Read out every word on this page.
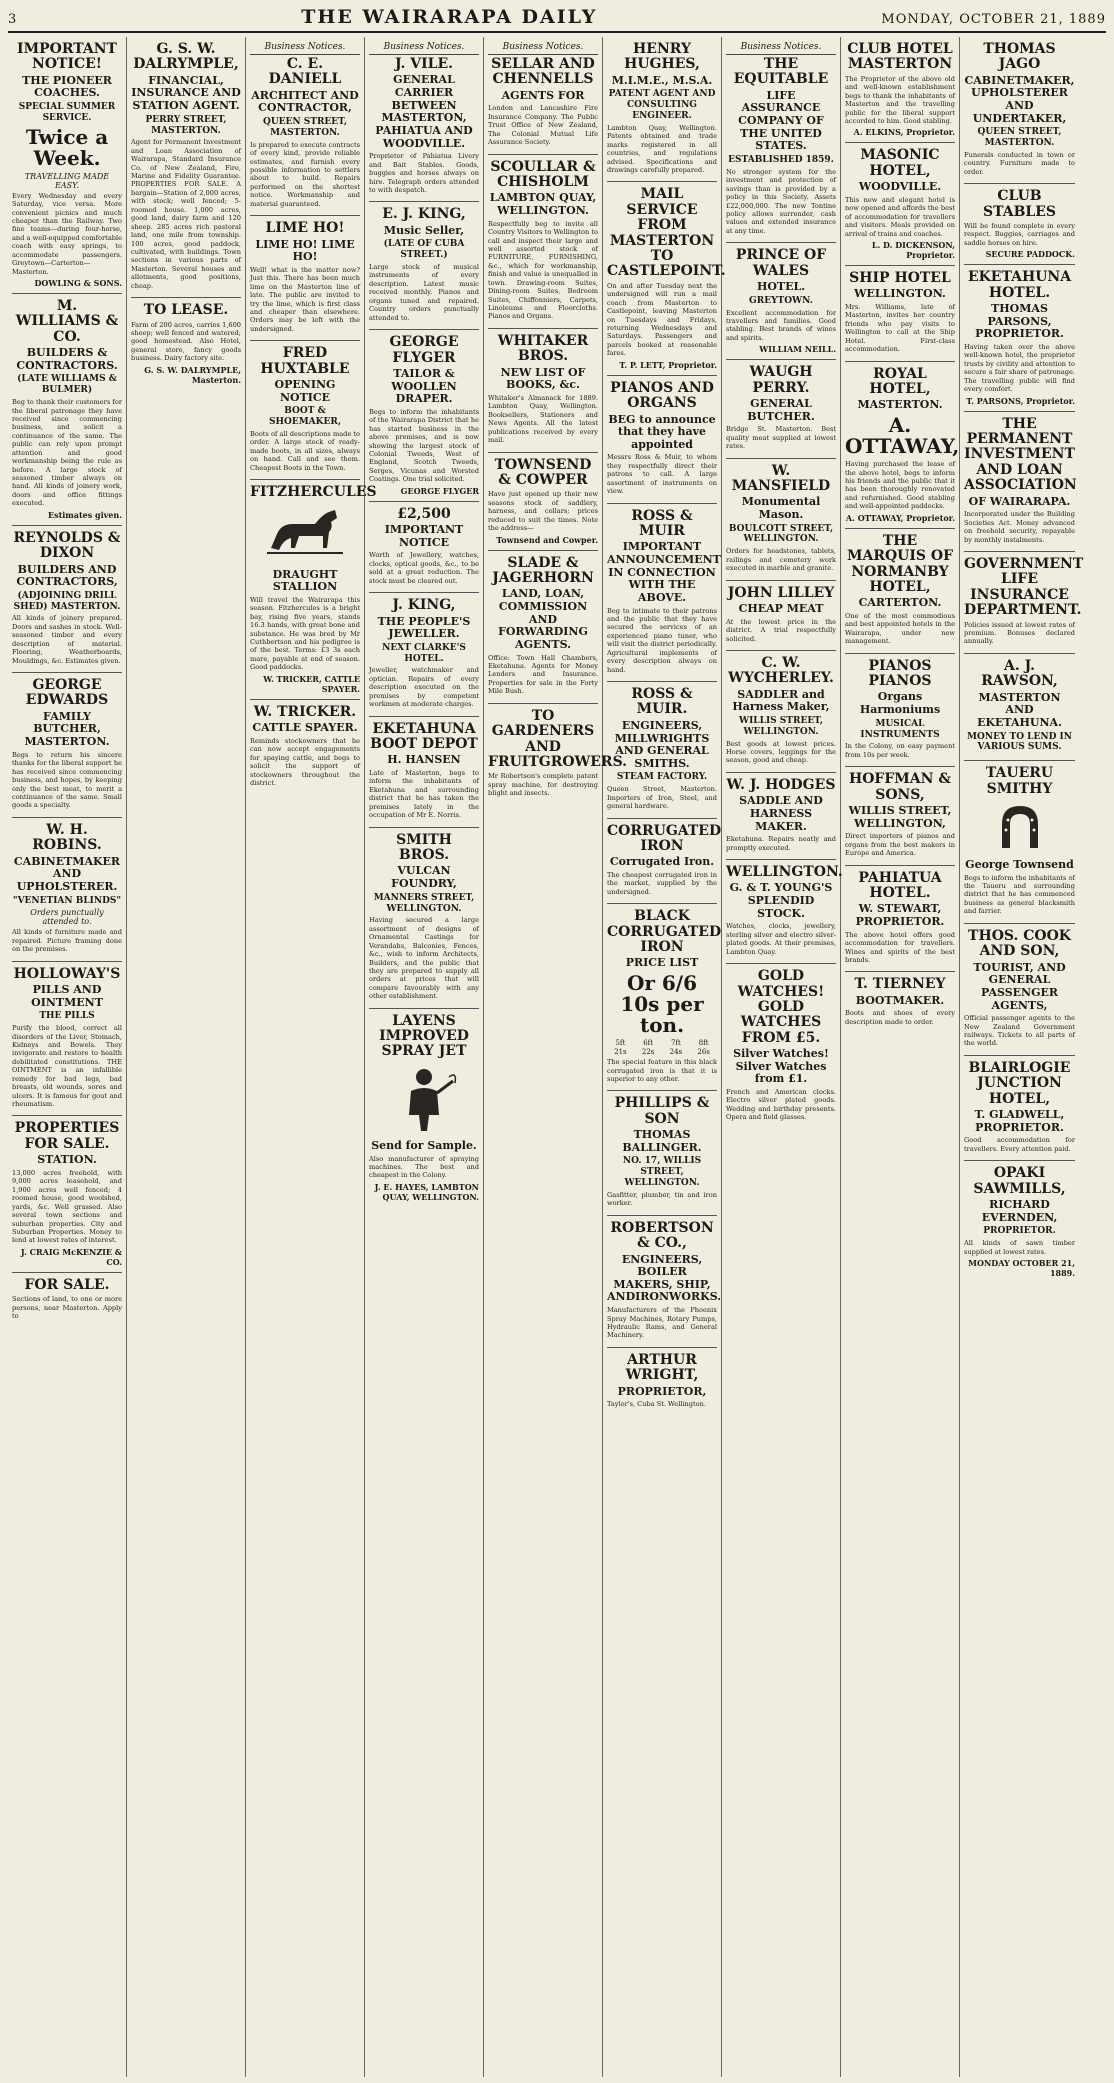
3	THE WAIRARAPA DAILY	MONDAY, OCTOBER 21, 1889
IMPORTANT NOTICE!
THE PIONEER COACHES.
SPECIAL SUMMER SERVICE.
Twice a Week.
TRAVELLING MADE EASY.
Every Wednesday and every Saturday, vice versa. More convenient picnics and much cheaper than the Railway. Two fine teams—during four-horse, and a well-equipped comfortable coach with easy springs, to accommodate passengers. Greytown—Carterton—Masterton.
DOWLING & SONS.
M. WILLIAMS & CO.
BUILDERS & CONTRACTORS.
(LATE WILLIAMS & BULMER)
Beg to thank their customers for the liberal patronage they have received since commencing business, and solicit a continuance of the same. The public can rely upon prompt attention and good workmanship being the rule as before. A large stock of seasoned timber always on hand. All kinds of joinery work, doors and office fittings executed.
Estimates given.
REYNOLDS & DIXON
BUILDERS AND CONTRACTORS,
(ADJOINING DRILL SHED) MASTERTON.
All kinds of joinery prepared. Doors and sashes in stock. Well-seasoned timber and every description of material. Flooring, Weatherboards, Mouldings, &c. Estimates given.
GEORGE EDWARDS
FAMILY BUTCHER, MASTERTON.
Begs to return his sincere thanks for the liberal support he has received since commencing business, and hopes, by keeping only the best meat, to merit a continuance of the same. Small goods a specialty.
W. H. ROBINS.
CABINETMAKER AND UPHOLSTERER.
"VENETIAN BLINDS"
Orders punctually attended to.
All kinds of furniture made and repaired. Picture framing done on the premises.
HOLLOWAY'S
PILLS AND OINTMENT
THE PILLS
Purify the blood, correct all disorders of the Liver, Stomach, Kidneys and Bowels. They invigorate and restore to health debilitated constitutions. THE OINTMENT is an infallible remedy for bad legs, bad breasts, old wounds, sores and ulcers. It is famous for gout and rheumatism.
PROPERTIES FOR SALE.
STATION.
13,000 acres freehold, with 9,000 acres leasehold, and 1,900 acres well fenced; 4 roomed house, good woolshed, yards, &c. Well grassed. Also several town sections and suburban properties. City and Suburban Properties. Money to lend at lowest rates of interest.
J. CRAIG McKENZIE & CO.
FOR SALE.
Sections of land, to one or more persons, near Masterton. Apply to
G. S. W. DALRYMPLE,
FINANCIAL, INSURANCE AND STATION AGENT.
PERRY STREET, MASTERTON.
Agent for Permanent Investment and Loan Association of Wairarapa, Standard Insurance Co. of New Zealand, Fire, Marine and Fidelity Guarantee. PROPERTIES FOR SALE. A bargain—Station of 2,000 acres, with stock; well fenced; 5-roomed house. 1,000 acres, good land, dairy farm and 120 sheep. 285 acres rich pastoral land, one mile from township. 100 acres, good paddock, cultivated, with buildings. Town sections in various parts of Masterton. Several houses and allotments, good positions, cheap.
TO LEASE.
Farm of 200 acres, carries 1,600 sheep; well fenced and watered; good homestead. Also Hotel, general store, fancy goods business. Dairy factory site.
G. S. W. DALRYMPLE, Masterton.
Business Notices.
C. E. DANIELL
ARCHITECT AND CONTRACTOR,
QUEEN STREET, MASTERTON.
Is prepared to execute contracts of every kind, provide reliable estimates, and furnish every possible information to settlers about to build. Repairs performed on the shortest notice. Workmanship and material guaranteed.
LIME HO!
LIME HO! LIME HO!
Well! what is the matter now? Just this. There has been much lime on the Masterton line of late. The public are invited to try the lime, which is first class and cheaper than elsewhere. Orders may be left with the undersigned.
FRED HUXTABLE
OPENING NOTICE
BOOT & SHOEMAKER,
Boots of all descriptions made to order. A large stock of ready-made boots, in all sizes, always on hand. Call and see them. Cheapest Boots in the Town.
FITZHERCULES
DRAUGHT STALLION
Will travel the Wairarapa this season. Fitzhercules is a bright bay, rising five years, stands 16.3 hands, with great bone and substance. He was bred by Mr Cuthbertson and his pedigree is of the best. Terms: £3 3s each mare, payable at end of season. Good paddocks.
W. TRICKER, CATTLE SPAYER.
W. TRICKER.
CATTLE SPAYER.
Reminds stockowners that he can now accept engagements for spaying cattle, and begs to solicit the support of stockowners throughout the district.
Business Notices.
J. VILE.
GENERAL CARRIER BETWEEN MASTERTON, PAHIATUA AND WOODVILLE.
Proprietor of Pahiatua Livery and Bait Stables. Goods, buggies and horses always on hire. Telegraph orders attended to with despatch.
E. J. KING,
Music Seller,
(LATE OF CUBA STREET.)
Large stock of musical instruments of every description. Latest music received monthly. Pianos and organs tuned and repaired. Country orders punctually attended to.
GEORGE FLYGER
TAILOR & WOOLLEN DRAPER.
Begs to inform the inhabitants of the Wairarapa District that he has started business in the above premises, and is now showing the largest stock of Colonial Tweeds, West of England, Scotch Tweeds, Serges, Vicunas and Worsted Coatings. One trial solicited.
GEORGE FLYGER
£2,500
IMPORTANT NOTICE
Worth of Jewellery, watches, clocks, optical goods, &c., to be sold at a great reduction. The stock must be cleared out.
J. KING,
THE PEOPLE'S JEWELLER.
NEXT CLARKE'S HOTEL.
Jeweller, watchmaker and optician. Repairs of every description executed on the premises by competent workmen at moderate charges.
EKETAHUNA BOOT DEPOT
H. HANSEN
Late of Masterton, begs to inform the inhabitants of Eketahuna and surrounding district that he has taken the premises lately in the occupation of Mr E. Norris.
SMITH BROS.
VULCAN FOUNDRY,
MANNERS STREET, WELLINGTON.
Having secured a large assortment of designs of Ornamental Castings for Verandahs, Balconies, Fences, &c., wish to inform Architects, Builders, and the public that they are prepared to supply all orders at prices that will compare favourably with any other establishment.
LAYENS IMPROVED SPRAY JET
Send for Sample.
Also manufacturer of spraying machines. The best and cheapest in the Colony.
J. E. HAYES, LAMBTON QUAY, WELLINGTON.
Business Notices.
SELLAR AND CHENNELLS
AGENTS FOR
London and Lancashire Fire Insurance Company. The Public Trust Office of New Zealand, The Colonial Mutual Life Assurance Society.
SCOULLAR & CHISHOLM
LAMBTON QUAY, WELLINGTON.
Respectfully beg to invite all Country Visitors to Wellington to call and inspect their large and well assorted stock of FURNITURE, FURNISHING, &c., which for workmanship, finish and value is unequalled in town. Drawing-room Suites, Dining-room Suites, Bedroom Suites, Chiffonniers, Carpets, Linoleums and Floorcloths. Pianos and Organs.
WHITAKER BROS.
NEW LIST OF BOOKS, &c.
Whitaker's Almanack for 1889. Lambton Quay, Wellington. Booksellers, Stationers and News Agents. All the latest publications received by every mail.
TOWNSEND & COWPER
Have just opened up their new seasons stock of saddlery, harness, and collars; prices reduced to suit the times. Note the address—
Townsend and Cowper.
SLADE & JAGERHORN
LAND, LOAN, COMMISSION AND FORWARDING AGENTS.
Office: Town Hall Chambers, Eketahuna. Agents for Money Lenders and Insurance. Properties for sale in the Forty Mile Bush.
TO GARDENERS AND FRUITGROWERS.
Mr Robertson's complete patent spray machine, for destroying blight and insects.
HENRY HUGHES,
M.I.M.E., M.S.A.
PATENT AGENT AND CONSULTING ENGINEER.
Lambton Quay, Wellington. Patents obtained and trade marks registered in all countries, and regulations advised. Specifications and drawings carefully prepared.
MAIL SERVICE FROM MASTERTON TO CASTLEPOINT.
On and after Tuesday next the undersigned will run a mail coach from Masterton to Castlepoint, leaving Masterton on Tuesdays and Fridays, returning Wednesdays and Saturdays. Passengers and parcels booked at reasonable fares.
T. P. LETT, Proprietor.
PIANOS AND ORGANS
BEG to announce that they have appointed
Messrs Ross & Muir, to whom they respectfully direct their patrons to call. A large assortment of instruments on view.
ROSS & MUIR
IMPORTANT ANNOUNCEMENT IN CONNECTION WITH THE ABOVE.
Beg to intimate to their patrons and the public that they have secured the services of an experienced piano tuner, who will visit the district periodically. Agricultural implements of every description always on hand.
ROSS & MUIR.
ENGINEERS, MILLWRIGHTS AND GENERAL SMITHS.
STEAM FACTORY.
Queen Street, Masterton. Importers of Iron, Steel, and general hardware.
CORRUGATED IRON
Corrugated Iron.
The cheapest corrugated iron in the market, supplied by the undersigned.
BLACK CORRUGATED IRON
PRICE LIST
Or 6/6 10s per ton.
5ft	6ft	7ft	8ft
21s	22s	24s	26s
The special feature in this black corrugated iron is that it is superior to any other.
PHILLIPS & SON
THOMAS BALLINGER.
NO. 17, WILLIS STREET, WELLINGTON.
Gasfitter, plumber, tin and iron worker.
ROBERTSON & CO.,
ENGINEERS, BOILER MAKERS, SHIP, ANDIRONWORKS.
Manufacturers of the Phoenix Spray Machines, Rotary Pumps, Hydraulic Rams, and General Machinery.
ARTHUR WRIGHT,
PROPRIETOR,
Taylor's, Cuba St. Wellington.
Business Notices.
THE EQUITABLE
LIFE ASSURANCE COMPANY OF THE UNITED STATES.
ESTABLISHED 1859.
No stronger system for the investment and protection of savings than is provided by a policy in this Society. Assets £22,000,000. The new Tontine policy allows surrender, cash values and extended insurance at any time.
PRINCE OF WALES
HOTEL.
GREYTOWN.
Excellent accommodation for travellers and families. Good stabling. Best brands of wines and spirits.
WILLIAM NEILL.
WAUGH PERRY.
GENERAL BUTCHER.
Bridge St. Masterton. Best quality meat supplied at lowest rates.
W. MANSFIELD
Monumental Mason.
BOULCOTT STREET, WELLINGTON.
Orders for headstones, tablets, railings and cemetery work executed in marble and granite.
JOHN LILLEY
CHEAP MEAT
At the lowest price in the district. A trial respectfully solicited.
C. W. WYCHERLEY.
SADDLER and Harness Maker,
WILLIS STREET, WELLINGTON.
Best goods at lowest prices. Horse covers, leggings for the season, good and cheap.
W. J. HODGES
SADDLE AND HARNESS MAKER.
Eketahuna. Repairs neatly and promptly executed.
WELLINGTON.
G. & T. YOUNG'S SPLENDID STOCK.
Watches, clocks, jewellery, sterling silver and electro silver-plated goods. At their premises, Lambton Quay.
GOLD WATCHES! GOLD WATCHES FROM £5.
Silver Watches! Silver Watches from £1.
French and American clocks. Electro silver plated goods. Wedding and birthday presents. Opera and field glasses.
CLUB HOTEL MASTERTON
The Proprietor of the above old and well-known establishment begs to thank the inhabitants of Masterton and the travelling public for the liberal support accorded to him. Good stabling.
A. ELKINS, Proprietor.
MASONIC HOTEL,
WOODVILLE.
This new and elegant hotel is now opened and affords the best of accommodation for travellers and visitors. Meals provided on arrival of trains and coaches.
L. D. DICKENSON, Proprietor.
SHIP HOTEL
WELLINGTON.
Mrs. Williams, late of Masterton, invites her country friends who pay visits to Wellington to call at the Ship Hotel. First-class accommodation.
ROYAL HOTEL,
MASTERTON.
A. OTTAWAY,
Having purchased the lease of the above hotel, begs to inform his friends and the public that it has been thoroughly renovated and refurnished. Good stabling and well-appointed paddocks.
A. OTTAWAY, Proprietor.
THE MARQUIS OF NORMANBY HOTEL,
CARTERTON.
One of the most commodious and best appointed hotels in the Wairarapa, under new management.
PIANOS PIANOS
Organs Harmoniums
MUSICAL INSTRUMENTS
In the Colony, on easy payment from 10s per week.
HOFFMAN & SONS,
WILLIS STREET, WELLINGTON,
Direct importers of pianos and organs from the best makers in Europe and America.
PAHIATUA HOTEL.
W. STEWART, PROPRIETOR.
The above hotel offers good accommodation for travellers. Wines and spirits of the best brands.
T. TIERNEY
BOOTMAKER.
Boots and shoes of every description made to order.
THOMAS JAGO
CABINETMAKER, UPHOLSTERER AND UNDERTAKER,
QUEEN STREET, MASTERTON.
Funerals conducted in town or country. Furniture made to order.
CLUB STABLES
Will be found complete in every respect. Buggies, carriages and saddle horses on hire.
SECURE PADDOCK.
EKETAHUNA HOTEL.
THOMAS PARSONS, PROPRIETOR.
Having taken over the above well-known hotel, the proprietor trusts by civility and attention to secure a fair share of patronage. The travelling public will find every comfort.
T. PARSONS, Proprietor.
THE PERMANENT INVESTMENT AND LOAN ASSOCIATION
OF WAIRARAPA.
Incorporated under the Building Societies Act. Money advanced on freehold security, repayable by monthly instalments.
GOVERNMENT LIFE INSURANCE DEPARTMENT.
Policies issued at lowest rates of premium. Bonuses declared annually.
A. J. RAWSON,
MASTERTON AND EKETAHUNA.
MONEY TO LEND IN VARIOUS SUMS.
TAUERU SMITHY
George Townsend
Begs to inform the inhabitants of the Taueru and surrounding district that he has commenced business as general blacksmith and farrier.
THOS. COOK AND SON,
TOURIST, AND GENERAL PASSENGER AGENTS,
Official passenger agents to the New Zealand Government railways. Tickets to all parts of the world.
BLAIRLOGIE JUNCTION HOTEL,
T. GLADWELL, PROPRIETOR.
Good accommodation for travellers. Every attention paid.
OPAKI SAWMILLS,
RICHARD EVERNDEN,
PROPRIETOR.
All kinds of sawn timber supplied at lowest rates.
MONDAY OCTOBER 21, 1889.
